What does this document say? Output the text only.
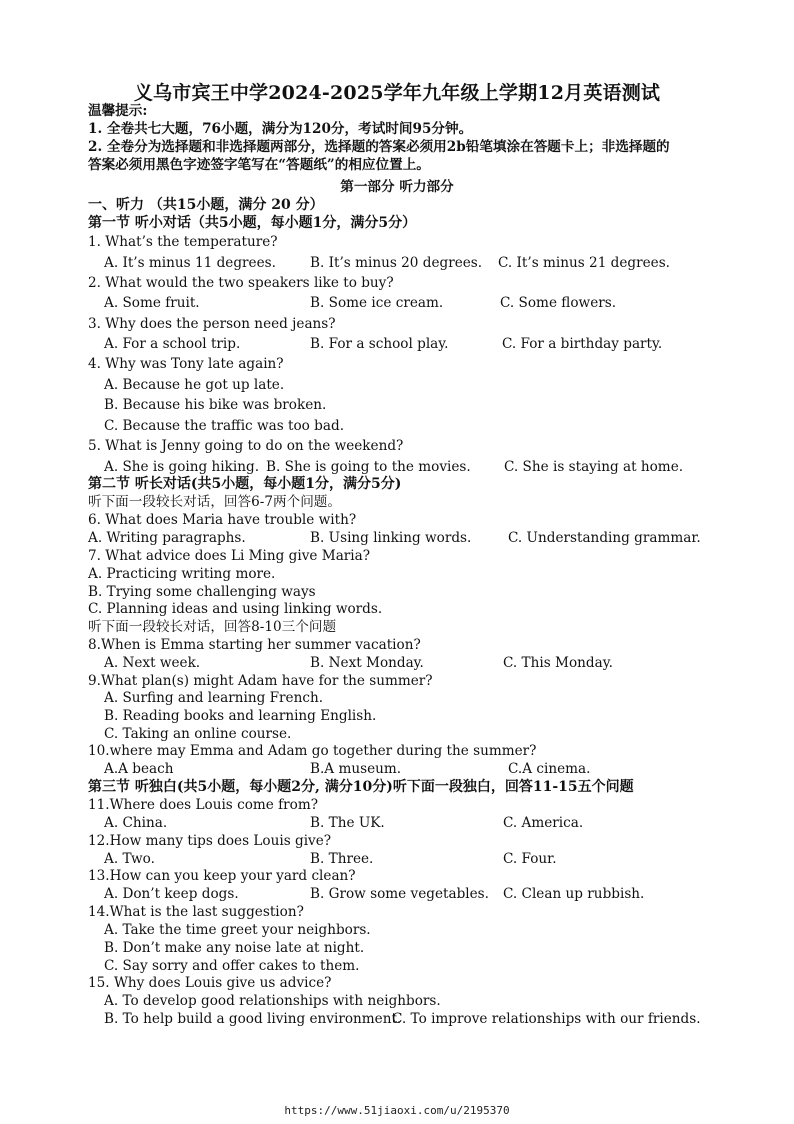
义乌市宾王中学2024-2025学年九年级上学期12月英语测试
温馨提示:
1. 全卷共七大题，76小题，满分为120分，考试时间95分钟。
2. 全卷分为选择题和非选择题两部分，选择题的答案必须用2b铅笔填涂在答题卡上；非选择题的
答案必须用黑色字迹签字笔写在“答题纸”的相应位置上。
第一部分 听力部分
一、听力 （共15小题，满分 20 分）
第一节 听小对话（共5小题，每小题1分，满分5分）
1. What’s the temperature?
A. It’s minus 11 degrees.	B. It’s minus 20 degrees. C. It’s minus 21 degrees.
2. What would the two speakers like to buy?
A. Some fruit.	B. Some ice cream.	C. Some flowers.
3. Why does the person need jeans?
A. For a school trip.	B. For a school play.	C. For a birthday party.
4. Why was Tony late again?
A. Because he got up late.
B. Because his bike was broken.
C. Because the traffic was too bad.
5. What is Jenny going to do on the weekend?
A. She is going hiking. B. She is going to the movies. C. She is staying at home.
第二节 听长对话(共5小题，每小题1分，满分5分)
听下面一段较长对话，回答6-7两个问题。
6. What does Maria have trouble with?
A. Writing paragraphs.	B. Using linking words.	C. Understanding grammar.
7. What advice does Li Ming give Maria?
A. Practicing writing more.
B. Trying some challenging ways
C. Planning ideas and using linking words.
听下面一段较长对话，回答8-10三个问题
8.When is Emma starting her summer vacation?
A. Next week.	B. Next Monday.	C. This Monday.
9.What plan(s) might Adam have for the summer?
A. Surfing and learning French.
B. Reading books and learning English.
C. Taking an online course.
10.where may Emma and Adam go together during the summer?
A.A beach	B.A museum.	C.A cinema.
第三节 听独白(共5小题，每小题2分, 满分10分)听下面一段独白，回答11-15五个问题
11.Where does Louis come from?
A. China.	B. The UK.	C. America.
12.How many tips does Louis give?
A. Two.	B. Three.	C. Four.
13.How can you keep your yard clean?
A. Don’t keep dogs.	B. Grow some vegetables. C. Clean up rubbish.
14.What is the last suggestion?
A. Take the time greet your neighbors.
B. Don’t make any noise late at night.
C. Say sorry and offer cakes to them.
15. Why does Louis give us advice?
A. To develop good relationships with neighbors.
B. To help build a good living environment.
C. To improve relationships with our friends.
https://www.51jiaoxi.com/u/2195370
